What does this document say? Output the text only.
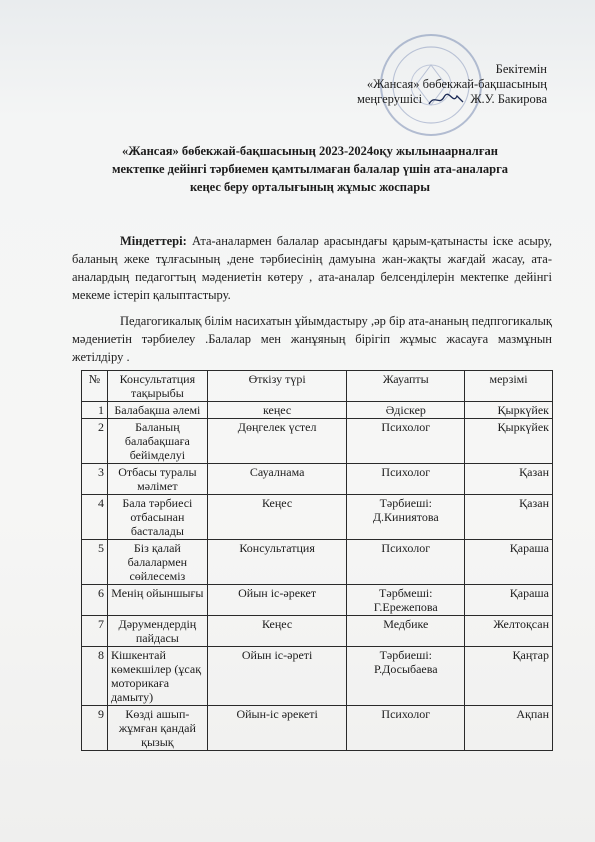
Бекітемін
«Жансая» бөбекжай-бақшасының
меңгерушісі	Ж.У. Бакирова
«Жансая» бөбекжай-бақшасының 2023-2024оқу жылынаарналған
мектепке дейінгі тәрбиемен қамтылмаған балалар үшін ата-аналарга
кеңес беру орталығының жұмыс жоспары
Міндеттері: Ата-аналармен балалар арасындағы қарым-қатынасты іске асыру, баланың жеке тұлғасының ,дене тәрбиесінің дамуына жан-жақты жағдай жасау, ата-аналардың педагогтың мәдениетін көтеру , ата-аналар белсенділерін мектепке дейінгі мекеме істеріп қалыптастыру.
Педагогикалық білім насихатын ұйымдастыру ,әр бір ата-ананың педпгогикалық мәдениетін тәрбиелеу .Балалар мен жанұяның бірігіп жұмыс жасауға мазмұнын жетілдіру .
№	Консультатция тақырыбы	Өткізу түрі	Жауапты	мерзімі
1	Балабақша әлемі	кеңес	Әдіскер	Қыркүйек
2	Баланың балабақшаға бейімделуі	Дөңгелек үстел	Психолог	Қыркүйек
3	Отбасы туралы мәлімет	Сауалнама	Психолог	Қазан
4	Бала тәрбиесі отбасынан басталады	Кеңес	Тәрбиеші: Д.Киниятова	Қазан
5	Біз қалай балалармен сөйлесеміз	Консультатция	Психолог	Қараша
6	Менің ойыншығы	Ойын іс-әрекет	Тәрбмеші: Г.Ережепова	Қараша
7	Дәрумендердің пайдасы	Кеңес	Медбике	Желтоқсан
8	Кішкентай көмекшілер (ұсақ моторикаға дамыту)	Ойын іс-әреті	Тәрбиеші: Р.Досыбаева	Қаңтар
9	Көзді ашып-жұмған қандай қызық	Ойын-іс әрекеті	Психолог	Ақпан
